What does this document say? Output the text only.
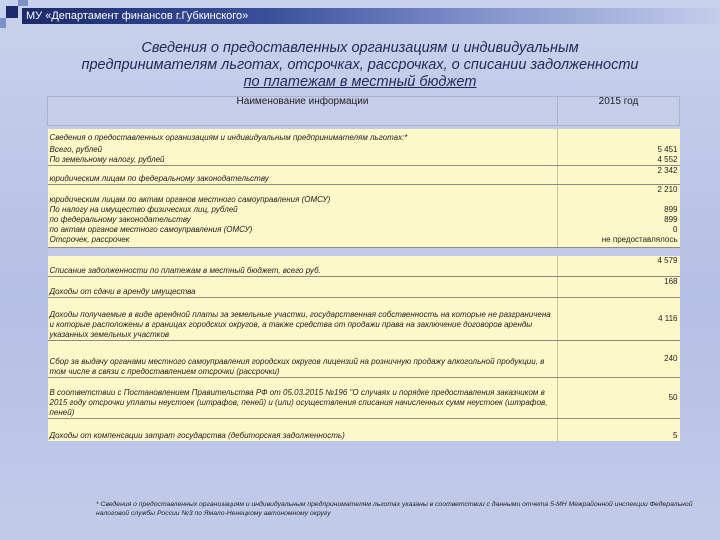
МУ «Департамент финансов г.Губкинского»
Сведения о предоставленных организациям и индивидуальным
предпринимателям льготах, отсрочках, рассрочках, о списании задолженности
по платежам в местный бюджет
Наименование информации	2015 год

Сведения о предоставленных организациям и индивидуальным предпринимателям льготах:*	
Всего, рублей	5 451
По земельному налогу, рублей	4 552
юридическим лицам по федеральному законодательству	2 342
юридическим лицам по актам органов местного самоуправления (ОМСУ)	2 210
По налогу на имущество физических лиц, рублей	899
по федеральному законодательству	899
по актам органов местного самоуправления (ОМСУ)	0
Отсрочек, рассрочек	не предоставлялось

Списание задолженности по платежам в местный бюджет, всего руб.	4 579
Доходы от сдачи в аренду имущества	168
Доходы получаемые в виде арендной платы за земельные участки, государственная собственность на которые не разграничена и которые расположены в границах городских округов, а также средства от продажи права на заключение договоров аренды указанных земельных участков	4 116
Сбор за выдачу органами местного самоуправления городских округов лицензий на розничную продажу алкогольной продукции, в том числе в связи с предоставлением отсрочки (рассрочки)	240
В соответствии с Постановлением Правительства РФ от 05.03.2015 №196 "О случаях и порядке предоставления заказчиком в 2015 году отсрочки уплаты неустоек (штрафов, пеней) и (или) осуществления списания начисленных сумм неустоек (штрафов, пеней)	50
Доходы от компенсации затрат государства (дебиторская задолженность)	5
* Сведения о предоставленных организациям и индивидуальным предпринимателям льготах указаны в соответствии с данными отчета 5-МН Межрайонной инспекции Федеральной налоговой службы России №3 по Ямало-Ненецкому автономному округу
